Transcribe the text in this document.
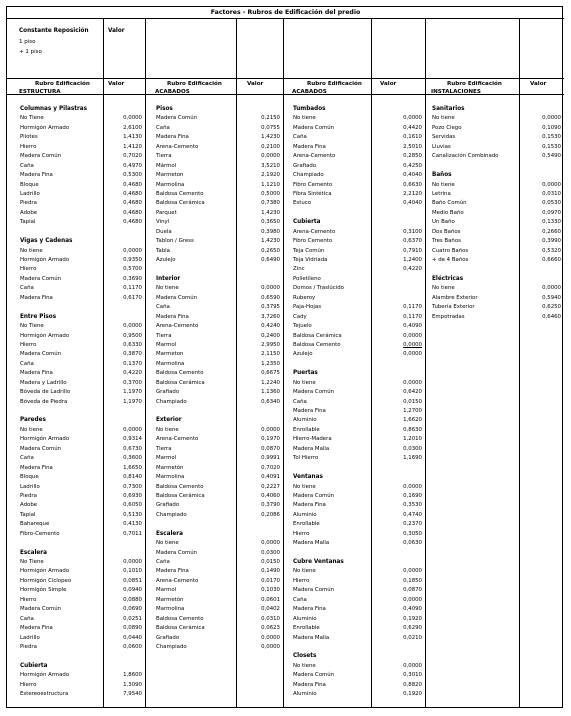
Factores - Rubros de Edificación del predio
Constante Reposición	Valor
1 piso
+ 1 piso
Rubro Edificación
ESTRUCTURA
Valor	Rubro Edificación
ACABADOS
Valor	Rubro Edificación
ACABADOS
Valor	Rubro Edificación
INSTALACIONES
Valor
Columnas y Pilastras
No Tiene	0,0000
Hormigón Armado	2,6100
Pilotes	1,4130
Hierro	1,4120
Madera Común	0,7020
Caña	0,4970
Madera Fina	0,5300
Bloque	0,4680
Ladrillo	0,4680
Piedra	0,4680
Adobe	0,4680
Tapial	0,4680
Vigas y Cadenas
No tiene	0,0000
Hormigón Armado	0,9350
Hierro	0,5700
Madera Común	0,3690
Caña	0,1170
Madera Fina	0,6170
Entre Pisos
No Tiene	0,0000
Hormigón Armado	0,9500
Hierro	0,6330
Madera Común	0,3870
Caña	0,1370
Madera Fina	0,4220
Madera y Ladrillo	0,3700
Bóveda de Ladrillo	1,1970
Bóveda de Piedra	1,1970
Paredes
No tiene	0,0000
Hormigón Armado	0,9314
Madera Común	0,6730
Caña	0,3600
Madera Fina	1,6650
Bloque	0,8140
Ladrillo	0,7300
Piedra	0,6930
Adobe	0,6050
Tapial	0,5130
Bahareque	0,4130
Fibro-Cemento	0,7011
Escalera
No Tiene	0,0000
Hormigón Armado	0,1010
Hormigón Ciclopeo	0,0851
Hormigón Simple	0,0940
Hierro	0,0880
Madera Común	0,0690
Caña	0,0251
Madera Fina	0,0890
Ladrillo	0,0440
Piedra	0,0600
Cubierta
Hormigón Armado	1,8600
Hierro	1,3090
Estereoestructura	7,9540
Pisos
Madera Común	0,2150
Caña	0,0755
Madera Fina	1,4230
Arena-Cemento	0,2100
Tierra	0,0000
Mármol	3,5210
Marmeton	2,1920
Marmolina	1,1210
Baldosa Cemento	0,5000
Baldosa Cerámica	0,7380
Parquet	1,4230
Vinyl	0,3650
Duela	0,3980
Tablon / Gress	1,4230
Tabla	0,2650
Azulejo	0,6490
Interior
No tiene	0,0000
Madera Común	0,6590
Caña	0,3795
Madera Fina	3,7260
Arena-Cemento	0,4240
Tierra	0,2400
Marmol	2,9950
Marmeton	2,1150
Marmolina	1,2350
Baldosa Cemento	0,6675
Baldosa Cerámica	1,2240
Grafiado	1,1360
Champiado	0,6340
Exterior
No tiene	0,0000
Arena-Cemento	0,1970
Tierra	0,0870
Marmol	0,9991
Marmetón	0,7020
Marmolina	0,4091
Baldosa Cemento	0,2227
Baldosa Cerámica	0,4060
Grafiado	0,3790
Champiado	0,2086
Escalera
No tiene	0,0000
Madera Común	0,0300
Caña	0,0150
Madera Fina	0,1490
Arena-Cemento	0,0170
Marmol	0,1030
Marmetón	0,0601
Marmolina	0,0402
Baldosa Cemento	0,0310
Baldosa Cerámica	0,0623
Grafiado	0,0000
Champiado	0,0000
Tumbados
No tiene	0,0000
Madera Común	0,4420
Caña	0,1610
Madera Fina	2,5010
Arena-Cemento	0,2850
Grafiado	0,4250
Champiado	0,4040
Fibro Cemento	0,6630
Fibra Sintética	2,2120
Estuco	0,4040
Cubierta
Arena-Cemento	0,3100
Fibro Cemento	0,6370
Teja Común	0,7910
Teja Vidriada	1,2400
Zinc	0,4220
Polietileno
Domos / Traslúcido
Ruberoy
Paja-Hojas	0,1170
Cady	0,1170
Tejuelo	0,4090
Baldosa Cerámica	0,0000
Baldosa Cemento	0,0000
Azulejo	0,0000
Puertas
No tiene	0,0000
Madera Común	0,6420
Caña	0,0150
Madera Fina	1,2700
Aluminio	1,6620
Enrollable	0,8630
Hierro-Madera	1,2010
Madera Malla	0,0300
Tol Hierro	1,1690
Ventanas
No tiene	0,0000
Madera Común	0,1690
Madera Fina	0,3530
Aluminio	0,4740
Enrollable	0,2370
Hierro	0,3050
Madera Malla	0,0630
Cubre Ventanas
No tiene	0,0000
Hierro	0,1850
Madera Común	0,0870
Caña	0,0000
Madera Fina	0,4090
Aluminio	0,1920
Enrollable	0,6290
Madera Malla	0,0210
Closets
No tiene	0,0000
Madera Común	0,3010
Madera Fina	0,8820
Aluminio	0,1920
Sanitarios
No tiene	0,0000
Pozo Ciego	0,1090
Servidas	0,1530
Lluvias	0,1530
Canalización Combinado	0,5490
Baños
No tiene	0,0000
Letrina	0,0310
Baño Común	0,0530
Medio Baño	0,0970
Un Baño	0,1330
Dos Baños	0,2660
Tres Baños	0,3990
Cuatro Baños	0,5320
+ de 4 Baños	0,6660
Eléctricas
No tiene	0,0000
Alambre Exterior	0,5940
Tubería Exterior	0,6250
Empotradas	0,6460
